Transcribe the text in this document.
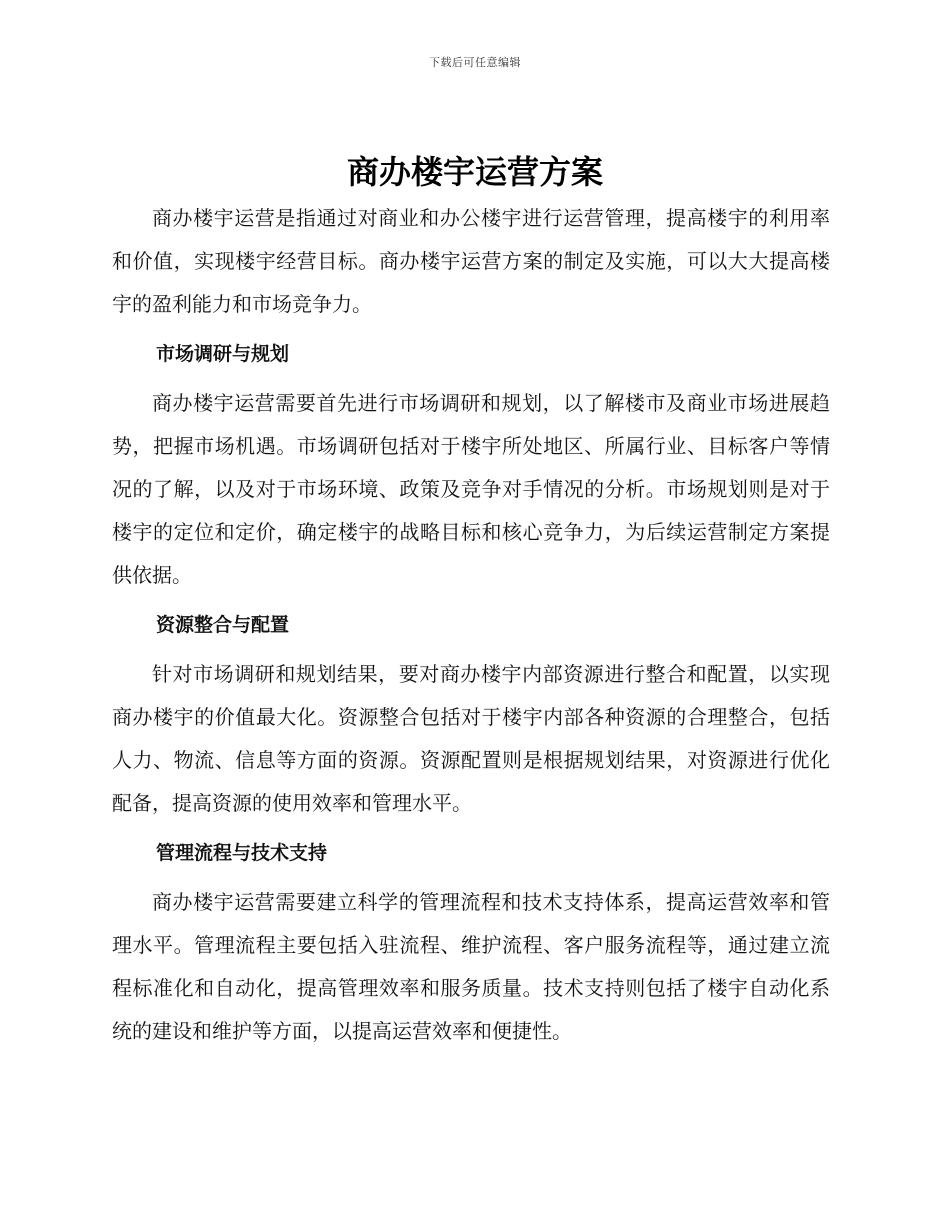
下载后可任意编辑
商办楼宇运营方案

商办楼宇运营是指通过对商业和办公楼宇进行运营管理，提高楼宇的利用率和价值，实现楼宇经营目标。商办楼宇运营方案的制定及实施，可以大大提高楼宇的盈利能力和市场竞争力。

市场调研与规划

商办楼宇运营需要首先进行市场调研和规划，以了解楼市及商业市场进展趋势，把握市场机遇。市场调研包括对于楼宇所处地区、所属行业、目标客户等情况的了解，以及对于市场环境、政策及竞争对手情况的分析。市场规划则是对于楼宇的定位和定价，确定楼宇的战略目标和核心竞争力，为后续运营制定方案提供依据。

资源整合与配置

针对市场调研和规划结果，要对商办楼宇内部资源进行整合和配置，以实现商办楼宇的价值最大化。资源整合包括对于楼宇内部各种资源的合理整合，包括人力、物流、信息等方面的资源。资源配置则是根据规划结果，对资源进行优化配备，提高资源的使用效率和管理水平。

管理流程与技术支持

商办楼宇运营需要建立科学的管理流程和技术支持体系，提高运营效率和管理水平。管理流程主要包括入驻流程、维护流程、客户服务流程等，通过建立流程标准化和自动化，提高管理效率和服务质量。技术支持则包括了楼宇自动化系统的建设和维护等方面，以提高运营效率和便捷性。
